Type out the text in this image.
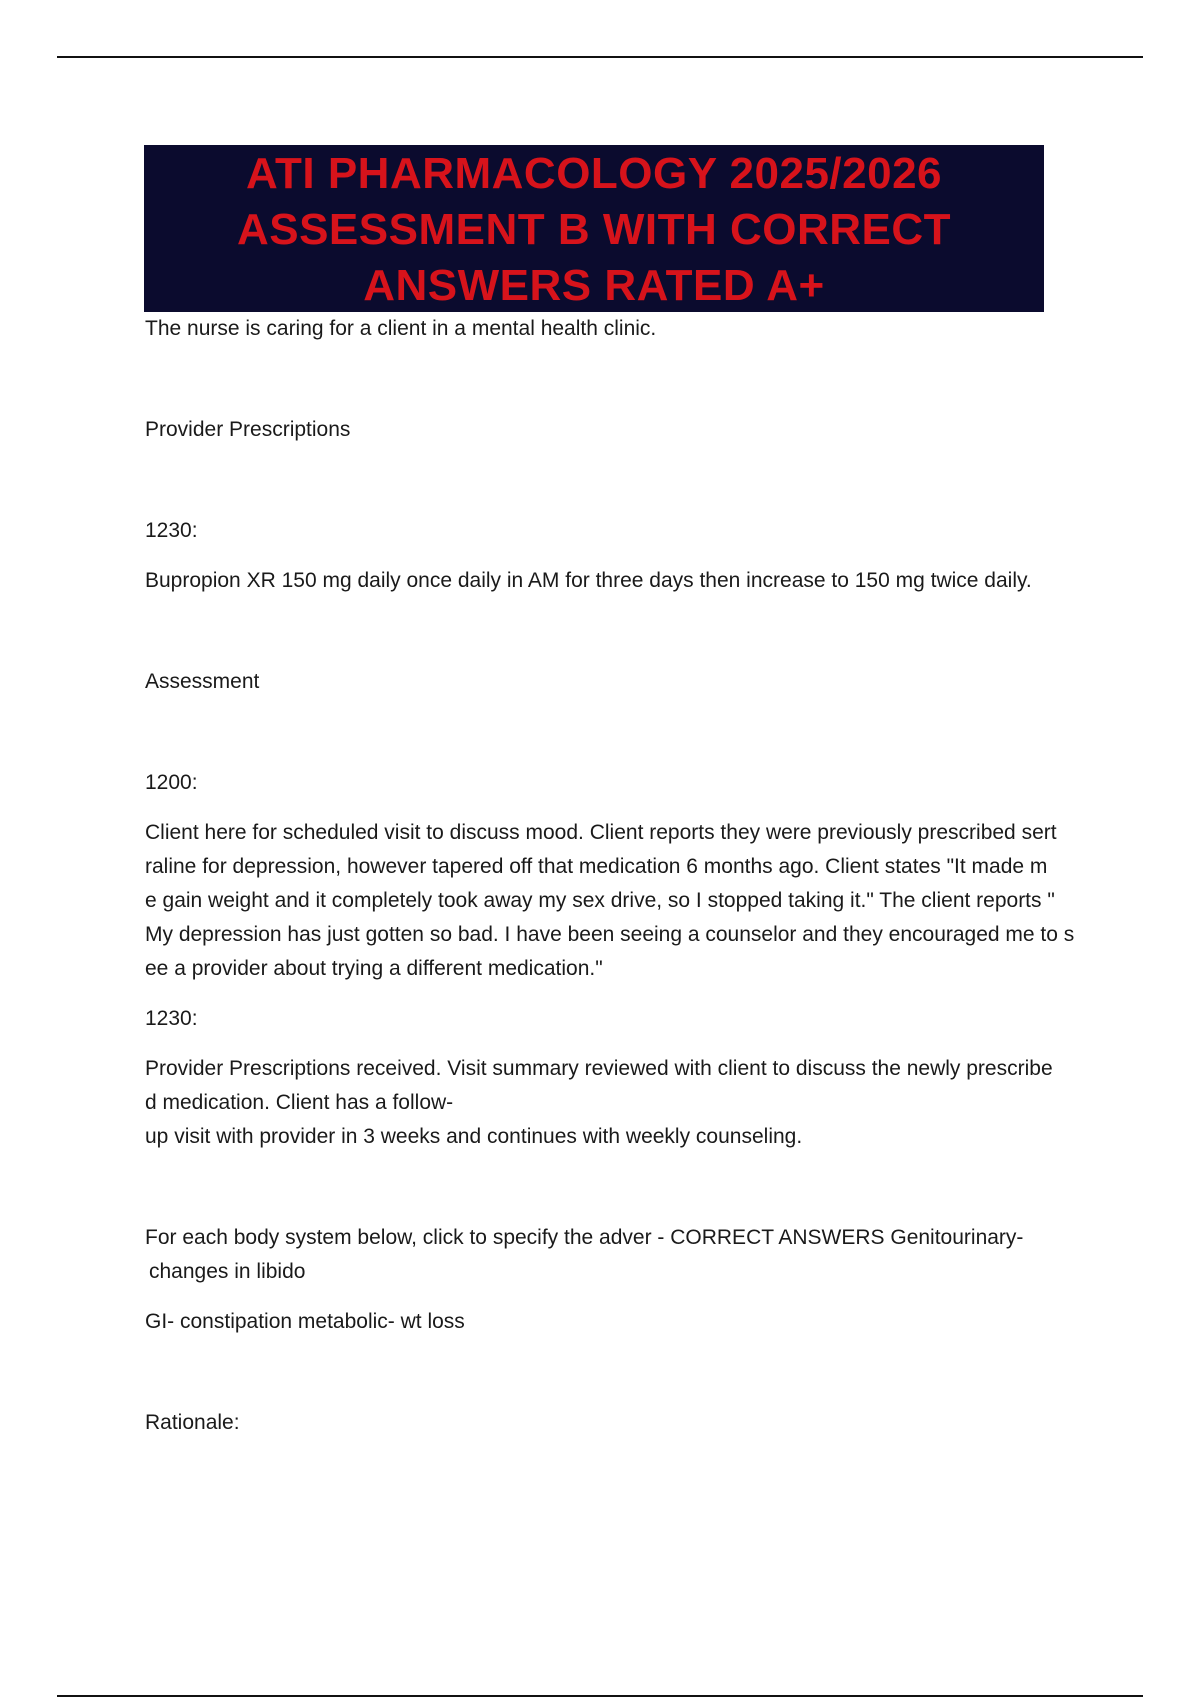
ATI PHARMACOLOGY 2025/2026
ASSESSMENT B WITH CORRECT
ANSWERS RATED A+

The nurse is caring for a client in a mental health clinic.

Provider Prescriptions

1230:

Bupropion XR 150 mg daily once daily in AM for three days then increase to 150 mg twice daily.

Assessment

1200:

Client here for scheduled visit to discuss mood. Client reports they were previously prescribed sert
raline for depression, however tapered off that medication 6 months ago. Client states "It made m
e gain weight and it completely took away my sex drive, so I stopped taking it." The client reports "
My depression has just gotten so bad. I have been seeing a counselor and they encouraged me to s
ee a provider about trying a different medication."

1230:

Provider Prescriptions received. Visit summary reviewed with client to discuss the newly prescribe
d medication. Client has a follow-
up visit with provider in 3 weeks and continues with weekly counseling.

For each body system below, click to specify the adver - CORRECT ANSWERS Genitourinary-
changes in libido

GI- constipation metabolic- wt loss

Rationale:
